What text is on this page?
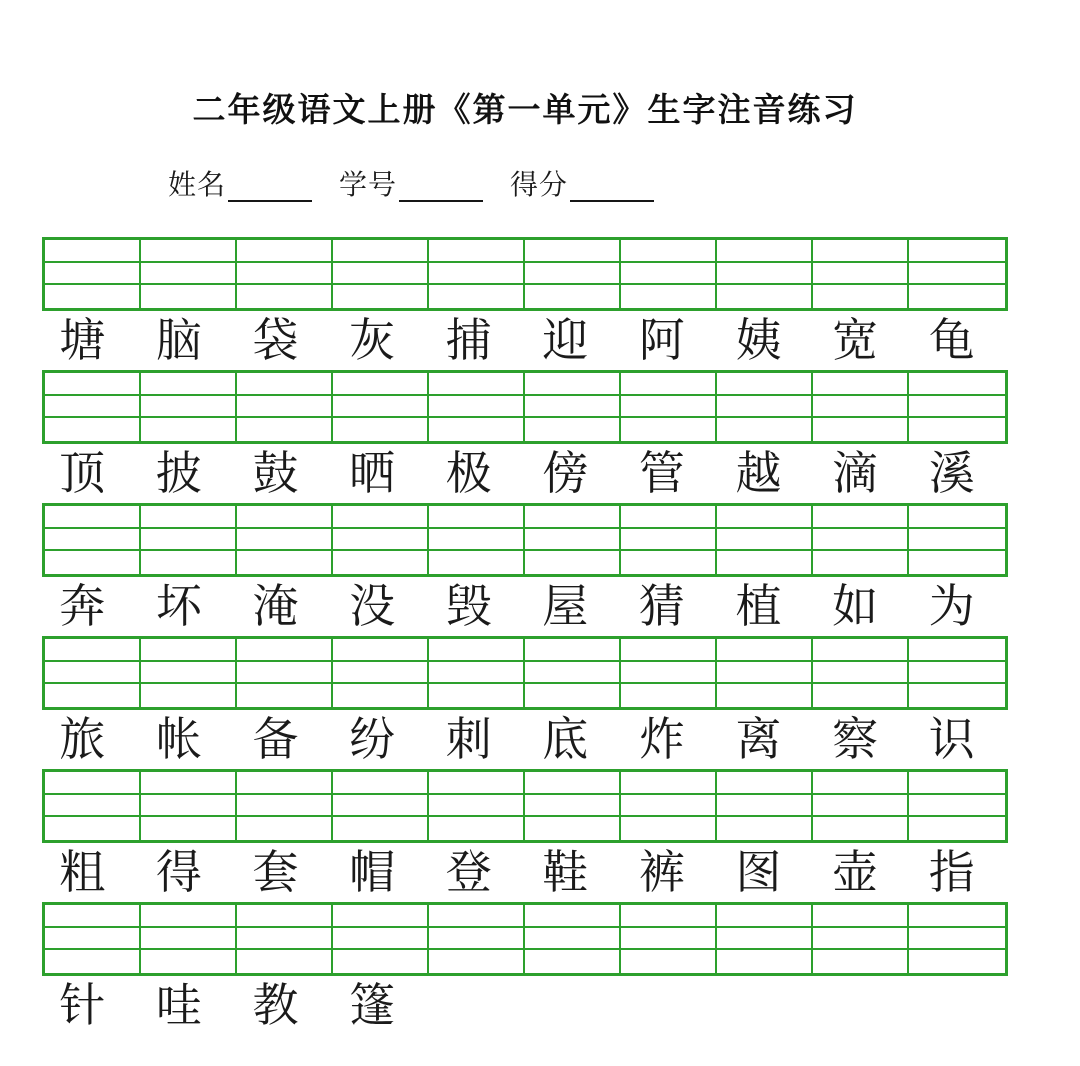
二年级语文上册《第一单元》生字注音练习
姓名	学号	得分
塘	脑	袋	灰	捕	迎	阿	姨	宽	龟
顶	披	鼓	晒	极	傍	管	越	滴	溪
奔	坏	淹	没	毁	屋	猜	植	如	为
旅	帐	备	纷	刺	底	炸	离	察	识
粗	得	套	帽	登	鞋	裤	图	壶	指
针	哇	教	篷
